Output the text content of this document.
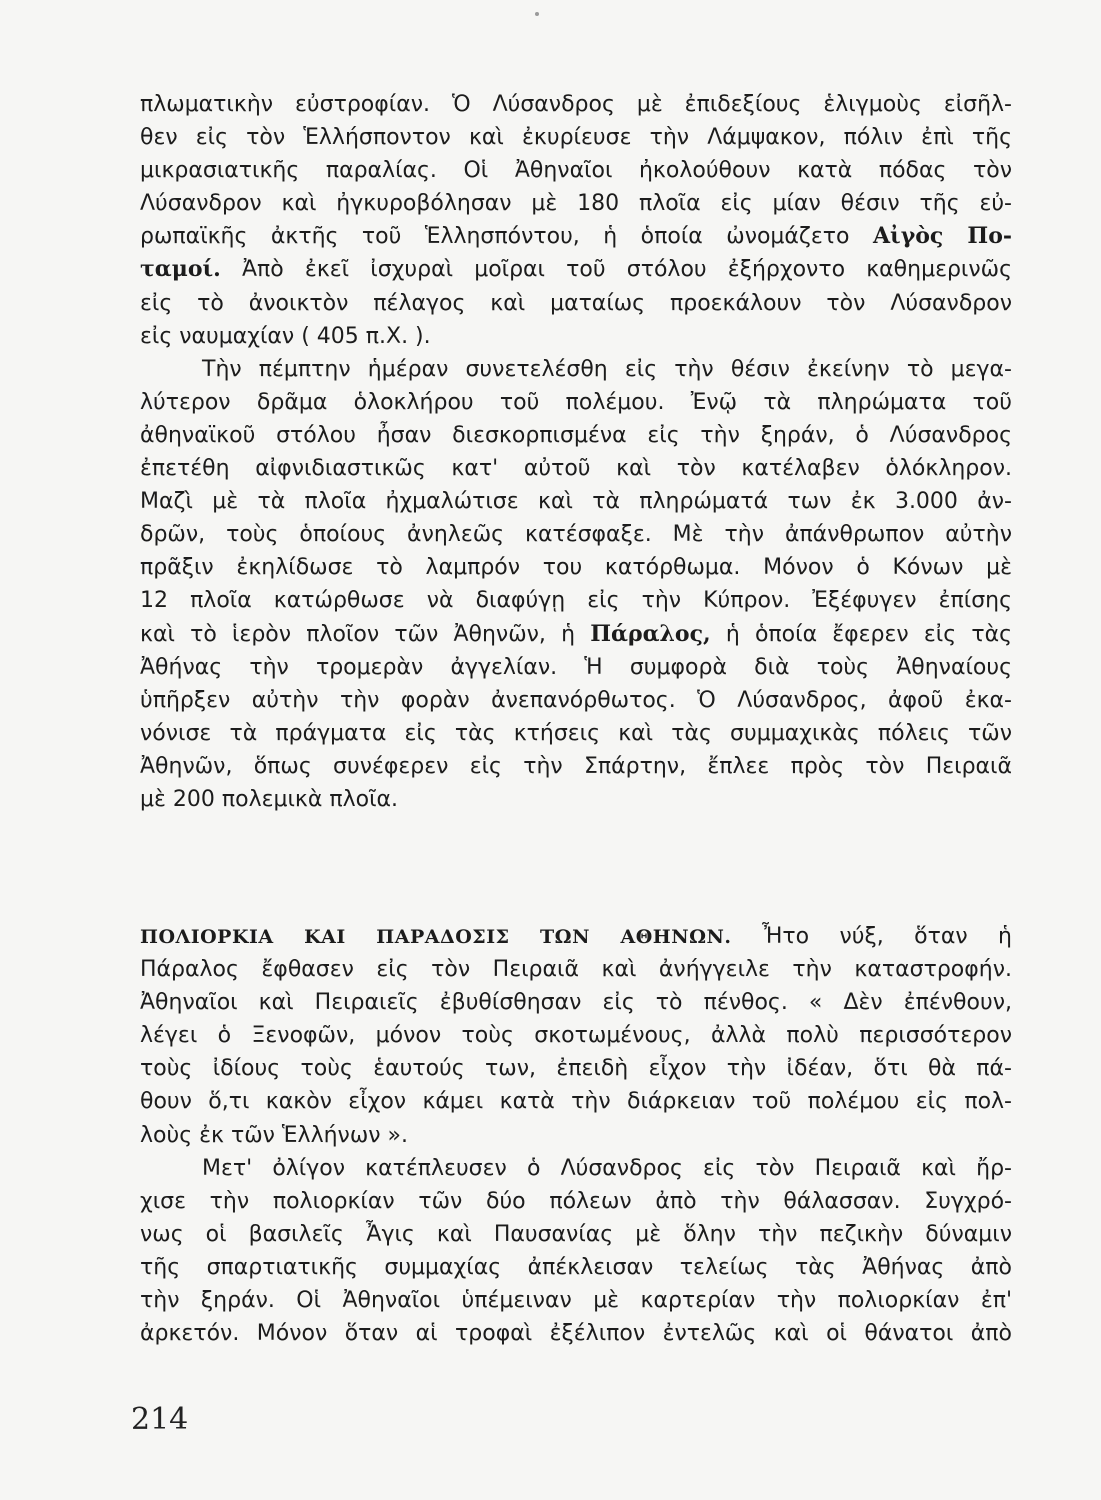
πλωματικὴν εὐστροφίαν. Ὁ Λύσανδρος μὲ ἐπιδεξίους ἑλιγμοὺς εἰσῆλ-
θεν εἰς τὸν Ἑλλήσποντον καὶ ἐκυρίευσε τὴν Λάμψακον, πόλιν ἐπὶ τῆς
μικρασιατικῆς παραλίας. Οἱ Ἀθηναῖοι ἠκολούθουν κατὰ πόδας τὸν
Λύσανδρον καὶ ἠγκυροβόλησαν μὲ 180 πλοῖα εἰς μίαν θέσιν τῆς εὐ-
ρωπαϊκῆς ἀκτῆς τοῦ Ἑλλησπόντου, ἡ ὁποία ὠνομάζετο Αἰγὸς Πο-
ταμοί. Ἀπὸ ἐκεῖ ἰσχυραὶ μοῖραι τοῦ στόλου ἐξήρχοντο καθημερινῶς
εἰς τὸ ἀνοικτὸν πέλαγος καὶ ματαίως προεκάλουν τὸν Λύσανδρον
εἰς ναυμαχίαν ( 405 π.Χ. ).
Τὴν πέμπτην ἡμέραν συνετελέσθη εἰς τὴν θέσιν ἐκείνην τὸ μεγα-
λύτερον δρᾶμα ὁλοκλήρου τοῦ πολέμου. Ἐνῷ τὰ πληρώματα τοῦ
ἀθηναϊκοῦ στόλου ἦσαν διεσκορπισμένα εἰς τὴν ξηράν, ὁ Λύσανδρος
ἐπετέθη αἰφνιδιαστικῶς κατ' αὐτοῦ καὶ τὸν κατέλαβεν ὁλόκληρον.
Μαζὶ μὲ τὰ πλοῖα ἠχμαλώτισε καὶ τὰ πληρώματά των ἐκ 3.000 ἀν-
δρῶν, τοὺς ὁποίους ἀνηλεῶς κατέσφαξε. Μὲ τὴν ἀπάνθρωπον αὐτὴν
πρᾶξιν ἐκηλίδωσε τὸ λαμπρόν του κατόρθωμα. Μόνον ὁ Κόνων μὲ
12 πλοῖα κατώρθωσε νὰ διαφύγῃ εἰς τὴν Κύπρον. Ἐξέφυγεν ἐπίσης
καὶ τὸ ἱερὸν πλοῖον τῶν Ἀθηνῶν, ἡ Πάραλος, ἡ ὁποία ἔφερεν εἰς τὰς
Ἀθήνας τὴν τρομερὰν ἀγγελίαν. Ἡ συμφορὰ διὰ τοὺς Ἀθηναίους
ὑπῆρξεν αὐτὴν τὴν φορὰν ἀνεπανόρθωτος. Ὁ Λύσανδρος, ἀφοῦ ἐκα-
νόνισε τὰ πράγματα εἰς τὰς κτήσεις καὶ τὰς συμμαχικὰς πόλεις τῶν
Ἀθηνῶν, ὅπως συνέφερεν εἰς τὴν Σπάρτην, ἔπλεε πρὸς τὸν Πειραιᾶ
μὲ 200 πολεμικὰ πλοῖα.
ΠΟΛΙΟΡΚΙΑ ΚΑΙ ΠΑΡΑΔΟΣΙΣ ΤΩΝ ΑΘΗΝΩΝ. Ἦτο νύξ, ὅταν ἡ
Πάραλος ἔφθασεν εἰς τὸν Πειραιᾶ καὶ ἀνήγγειλε τὴν καταστροφήν.
Ἀθηναῖοι καὶ Πειραιεῖς ἐβυθίσθησαν εἰς τὸ πένθος. « Δὲν ἐπένθουν,
λέγει ὁ Ξενοφῶν, μόνον τοὺς σκοτωμένους, ἀλλὰ πολὺ περισσότερον
τοὺς ἰδίους τοὺς ἑαυτούς των, ἐπειδὴ εἶχον τὴν ἰδέαν, ὅτι θὰ πά-
θουν ὅ,τι κακὸν εἶχον κάμει κατὰ τὴν διάρκειαν τοῦ πολέμου εἰς πολ-
λοὺς ἐκ τῶν Ἑλλήνων ».
Μετ' ὀλίγον κατέπλευσεν ὁ Λύσανδρος εἰς τὸν Πειραιᾶ καὶ ἤρ-
χισε τὴν πολιορκίαν τῶν δύο πόλεων ἀπὸ τὴν θάλασσαν. Συγχρό-
νως οἱ βασιλεῖς Ἆγις καὶ Παυσανίας μὲ ὅλην τὴν πεζικὴν δύναμιν
τῆς σπαρτιατικῆς συμμαχίας ἀπέκλεισαν τελείως τὰς Ἀθήνας ἀπὸ
τὴν ξηράν. Οἱ Ἀθηναῖοι ὑπέμειναν μὲ καρτερίαν τὴν πολιορκίαν ἐπ'
ἀρκετόν. Μόνον ὅταν αἱ τροφαὶ ἐξέλιπον ἐντελῶς καὶ οἱ θάνατοι ἀπὸ
214
